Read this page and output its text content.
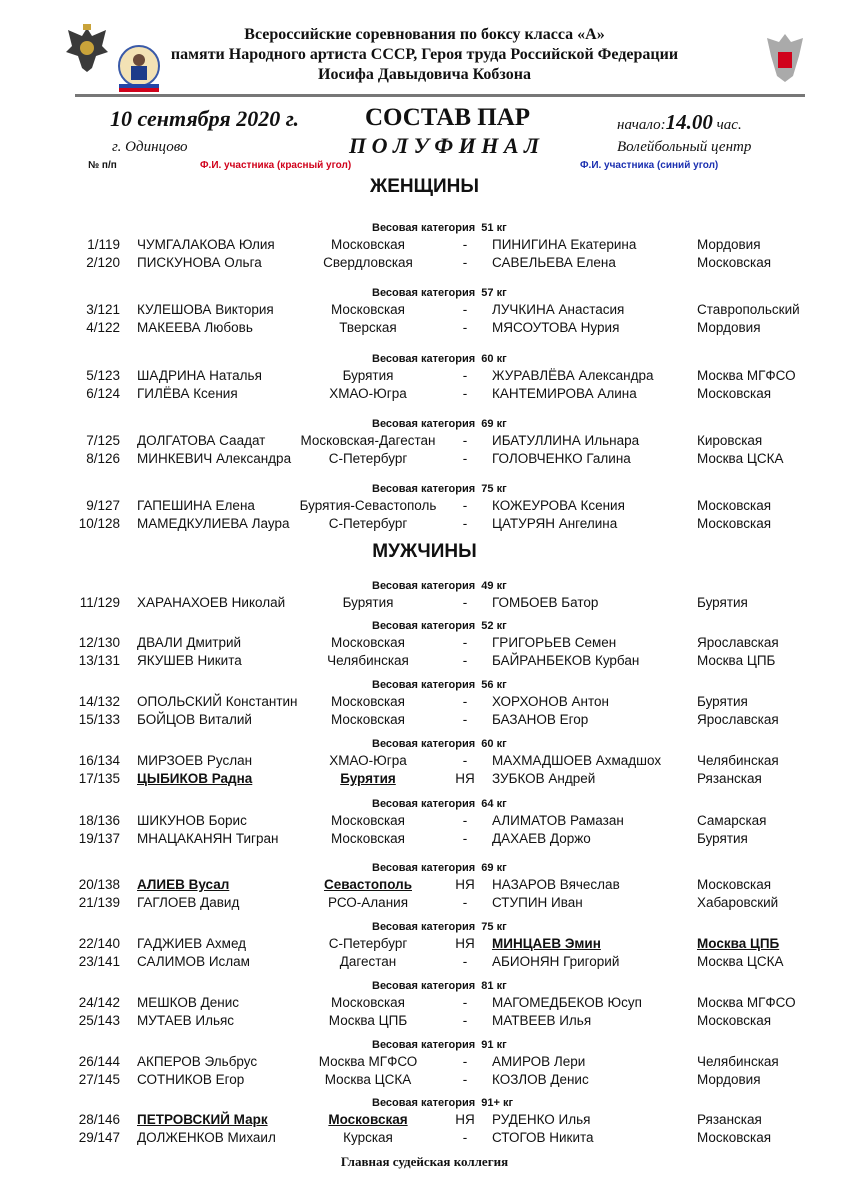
Всероссийские соревнования по боксу класса «А»
памяти Народного артиста СССР, Героя труда Российской Федерации
Иосифа Давыдовича Кобзона
10 сентября 2020 г.	СОСТАВ ПАР	начало:14.00 час.
г. Одинцово	П О Л У Ф И Н А Л	Волейбольный центр
№ п/п	Ф.И. участника (красный угол)	Ф.И. участника (синий угол)
ЖЕНЩИНЫ
Весовая категория 51 кг
1/119 ЧУМГАЛАКОВА Юлия	Московская	-	ПИНИГИНА Екатерина	Мордовия
2/120 ПИСКУНОВА Ольга	Свердловская	-	САВЕЛЬЕВА Елена	Московская
Весовая категория 57 кг
3/121 КУЛЕШОВА Виктория	Московская	-	ЛУЧКИНА Анастасия	Ставропольский
4/122 МАКЕЕВА Любовь	Тверская	-	МЯСОУТОВА Нурия	Мордовия
Весовая категория 60 кг
5/123 ШАДРИНА Наталья	Бурятия	-	ЖУРАВЛЁВА Александра	Москва МГФСО
6/124 ГИЛЁВА Ксения	ХМАО-Югра	-	КАНТЕМИРОВА Алина	Московская
Весовая категория 69 кг
7/125 ДОЛГАТОВА Саадат	Московская-Дагестан	-	ИБАТУЛЛИНА Ильнара	Кировская
8/126 МИНКЕВИЧ Александра	С-Петербург	-	ГОЛОВЧЕНКО Галина	Москва ЦСКА
Весовая категория 75 кг
9/127 ГАПЕШИНА Елена	Бурятия-Севастополь	-	КОЖЕУРОВА Ксения	Московская
10/128 МАМЕДКУЛИЕВА Лаура	С-Петербург	-	ЦАТУРЯН Ангелина	Московская
МУЖЧИНЫ
Весовая категория 49 кг
11/129 ХАРАНАХОЕВ Николай	Бурятия	-	ГОМБОЕВ Батор	Бурятия
Весовая категория 52 кг
12/130 ДВАЛИ Дмитрий	Московская	-	ГРИГОРЬЕВ Семен	Ярославская
13/131 ЯКУШЕВ Никита	Челябинская	-	БАЙРАНБЕКОВ Курбан	Москва ЦПБ
Весовая категория 56 кг
14/132 ОПОЛЬСКИЙ Константин	Московская	-	ХОРХОНОВ Антон	Бурятия
15/133 БОЙЦОВ Виталий	Московская	-	БАЗАНОВ Егор	Ярославская
Весовая категория 60 кг
16/134 МИРЗОЕВ Руслан	ХМАО-Югра	-	МАХМАДШОЕВ Ахмадшох	Челябинская
17/135 ЦЫБИКОВ Радна	Бурятия	НЯ	ЗУБКОВ Андрей	Рязанская
Весовая категория 64 кг
18/136 ШИКУНОВ Борис	Московская	-	АЛИМАТОВ Рамазан	Самарская
19/137 МНАЦАКАНЯН Тигран	Московская	-	ДАХАЕВ Доржо	Бурятия
Весовая категория 69 кг
20/138 АЛИЕВ Вусал	Севастополь	НЯ	НАЗАРОВ Вячеслав	Московская
21/139 ГАГЛОЕВ Давид	РСО-Алания	-	СТУПИН Иван	Хабаровский
Весовая категория 75 кг
22/140 ГАДЖИЕВ Ахмед	С-Петербург	НЯ	МИНЦАЕВ Эмин	Москва ЦПБ
23/141 САЛИМОВ Ислам	Дагестан	-	АБИОНЯН Григорий	Москва ЦСКА
Весовая категория 81 кг
24/142 МЕШКОВ Денис	Московская	-	МАГОМЕДБЕКОВ Юсуп	Москва МГФСО
25/143 МУТАЕВ Ильяс	Москва ЦПБ	-	МАТВЕЕВ Илья	Московская
Весовая категория 91 кг
26/144 АКПЕРОВ Эльбрус	Москва МГФСО	-	АМИРОВ Лери	Челябинская
27/145 СОТНИКОВ Егор	Москва ЦСКА	-	КОЗЛОВ Денис	Мордовия
Весовая категория 91+ кг
28/146 ПЕТРОВСКИЙ Марк	Московская	НЯ	РУДЕНКО Илья	Рязанская
29/147 ДОЛЖЕНКОВ Михаил	Курская	-	СТОГОВ Никита	Московская
Главная судейская коллегия
